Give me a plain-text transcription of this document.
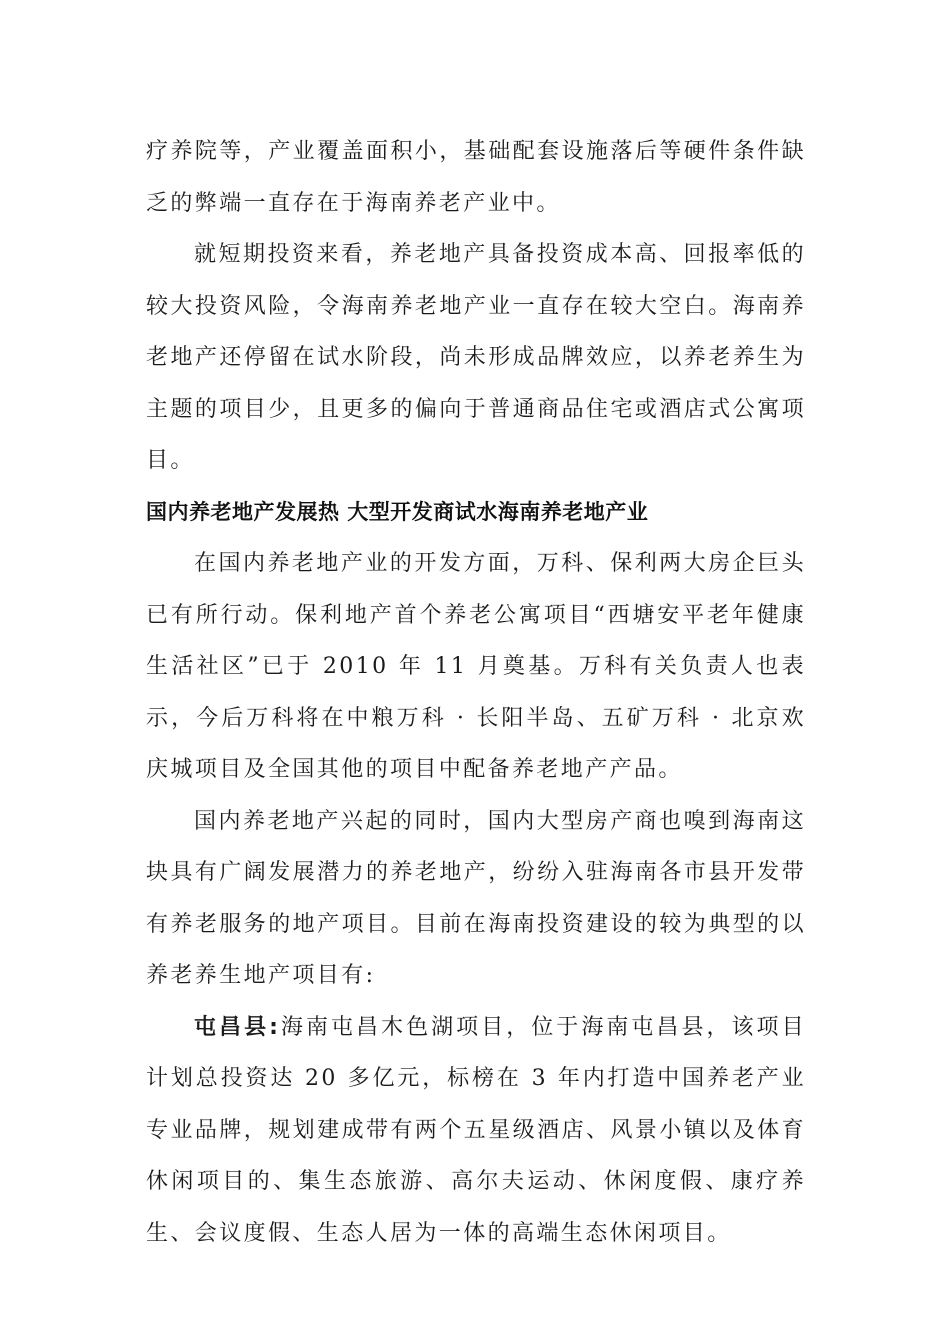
疗养院等，产业覆盖面积小，基础配套设施落后等硬件条件缺乏的弊端一直存在于海南养老产业中。

就短期投资来看，养老地产具备投资成本高、回报率低的较大投资风险，令海南养老地产业一直存在较大空白。海南养老地产还停留在试水阶段，尚未形成品牌效应，以养老养生为主题的项目少，且更多的偏向于普通商品住宅或酒店式公寓项目。

国内养老地产发展热 大型开发商试水海南养老地产业

在国内养老地产业的开发方面，万科、保利两大房企巨头已有所行动。保利地产首个养老公寓项目“西塘安平老年健康生活社区”已于 2010 年 11 月奠基。万科有关负责人也表示，今后万科将在中粮万科 · 长阳半岛、五矿万科 · 北京欢庆城项目及全国其他的项目中配备养老地产产品。

国内养老地产兴起的同时，国内大型房产商也嗅到海南这块具有广阔发展潜力的养老地产，纷纷入驻海南各市县开发带有养老服务的地产项目。目前在海南投资建设的较为典型的以养老养生地产项目有:

屯昌县:海南屯昌木色湖项目，位于海南屯昌县，该项目计划总投资达 20 多亿元，标榜在 3 年内打造中国养老产业专业品牌，规划建成带有两个五星级酒店、风景小镇以及体育休闲项目的、集生态旅游、高尔夫运动、休闲度假、康疗养生、会议度假、生态人居为一体的高端生态休闲项目。
